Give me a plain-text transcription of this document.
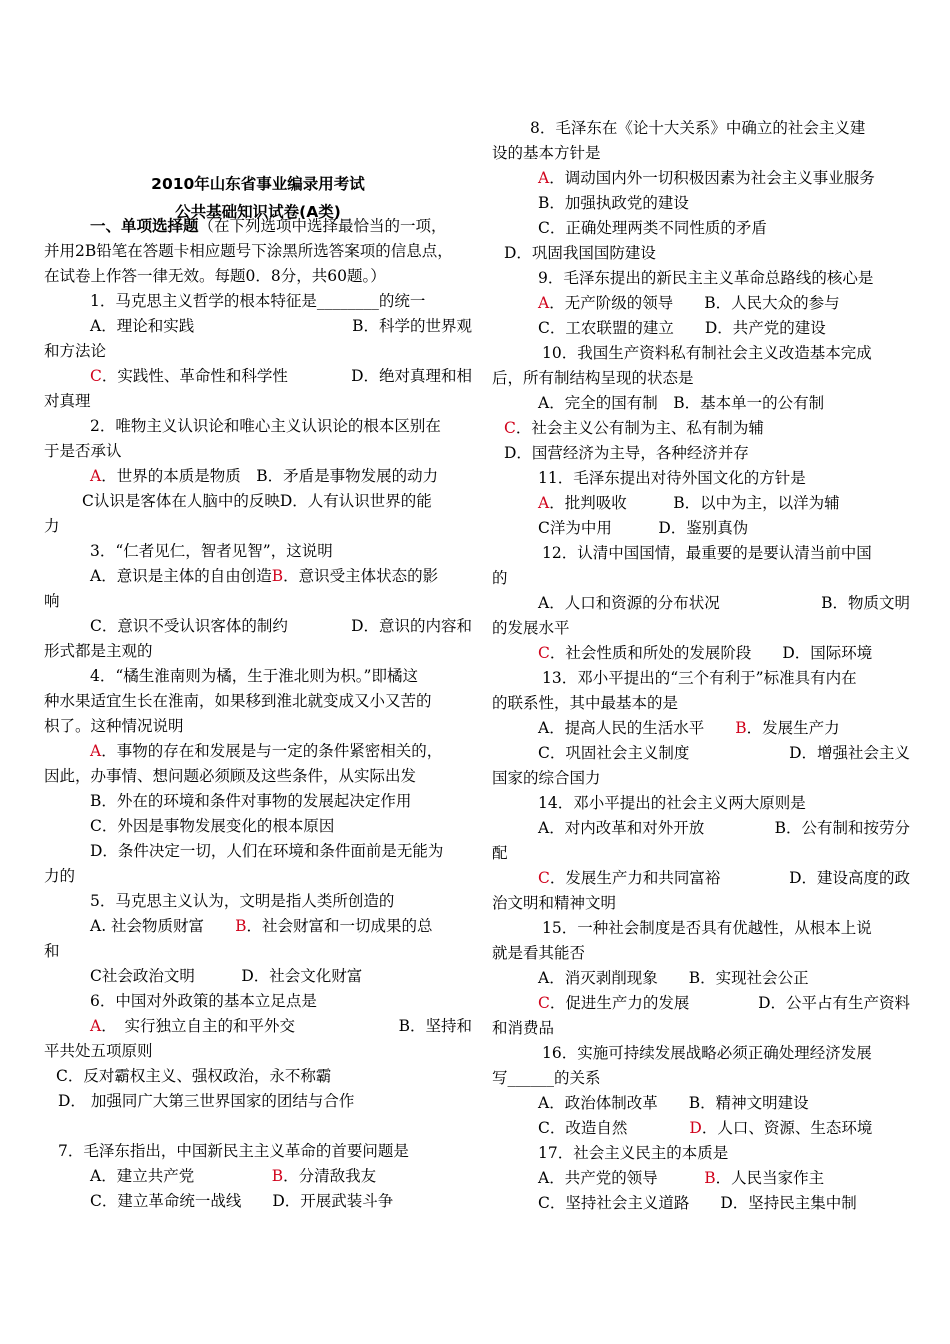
2010年山东省事业编录用考试
公共基础知识试卷(A类)
一、单项选择题（在下列选项中选择最恰当的一项，
并用2B铅笔在答题卡相应题号下涂黑所选答案项的信息点，
在试卷上作答一律无效。每题0．8分，共60题。）
1．马克思主义哲学的根本特征是________的统一
A．理论和实践	B．科学的世界观
和方法论
C．实践性、革命性和科学性	D．绝对真理和相
对真理
2．唯物主义认识论和唯心主义认识论的根本区别在
于是否承认
A．世界的本质是物质　B．矛盾是事物发展的动力
C认识是客体在人脑中的反映D．人有认识世界的能
力
3．“仁者见仁，智者见智”，这说明
A．意识是主体的自由创造B．意识受主体状态的影
响
C．意识不受认识客体的制约	D．意识的内容和
形式都是主观的
4．“橘生淮南则为橘，生于淮北则为枳。”即橘这
种水果适宜生长在淮南，如果移到淮北就变成又小又苦的
枳了。这种情况说明
A．事物的存在和发展是与一定的条件紧密相关的，
因此，办事情、想问题必须顾及这些条件，从实际出发
B．外在的环境和条件对事物的发展起决定作用
C．外因是事物发展变化的根本原因
D．条件决定一切，人们在环境和条件面前是无能为
力的
5．马克思主义认为，文明是指人类所创造的
A. 社会物质财富　　B．社会财富和一切成果的总
和
C社会政治文明　　　D．社会文化财富
6．中国对外政策的基本立足点是
A．　实行独立自主的和平外交	B．坚持和
平共处五项原则
C．反对霸权主义、强权政治，永不称霸
D． 加强同广大第三世界国家的团结与合作
7．毛泽东指出，中国新民主主义革命的首要问题是
A．建立共产党　　　　　B．分清敌我友
C．建立革命统一战线　　D．开展武装斗争
8．毛泽东在《论十大关系》中确立的社会主义建
设的基本方针是
A．调动国内外一切积极因素为社会主义事业服务
B．加强执政党的建设
C．正确处理两类不同性质的矛盾
D．巩固我国国防建设
9．毛泽东提出的新民主主义革命总路线的核心是
A．无产阶级的领导　　B．人民大众的参与
C．工农联盟的建立　　D．共产党的建设
10．我国生产资料私有制社会主义改造基本完成
后，所有制结构呈现的状态是
A．完全的国有制　B．基本单一的公有制
C．社会主义公有制为主、私有制为辅
D．国营经济为主导，各种经济并存
11．毛泽东提出对待外国文化的方针是
A．批判吸收　　　B．以中为主，以洋为辅
C洋为中用　　　D．鉴别真伪
12．认清中国国情，最重要的是要认清当前中国
的
A．人口和资源的分布状况	B．物质文明
的发展水平
C．社会性质和所处的发展阶段　　D．国际环境
13．邓小平提出的“三个有利于”标准具有内在
的联系性，其中最基本的是
A．提高人民的生活水平　　B．发展生产力
C．巩固社会主义制度	D．增强社会主义
国家的综合国力
14．邓小平提出的社会主义两大原则是
A．对内改革和对外开放	B．公有制和按劳分
配
C．发展生产力和共同富裕	D．建设高度的政
治文明和精神文明
15．一种社会制度是否具有优越性，从根本上说
就是看其能否
A．消灭剥削现象　　B．实现社会公正
C．促进生产力的发展	D．公平占有生产资料
和消费品
16．实施可持续发展战略必须正确处理经济发展
写______的关系
A．政治体制改革　　B．精神文明建设
C．改造自然　　　　D．人口、资源、生态环境
17．社会主义民主的本质是
A．共产党的领导　　　B．人民当家作主
C．坚持社会主义道路　　D．坚持民主集中制
